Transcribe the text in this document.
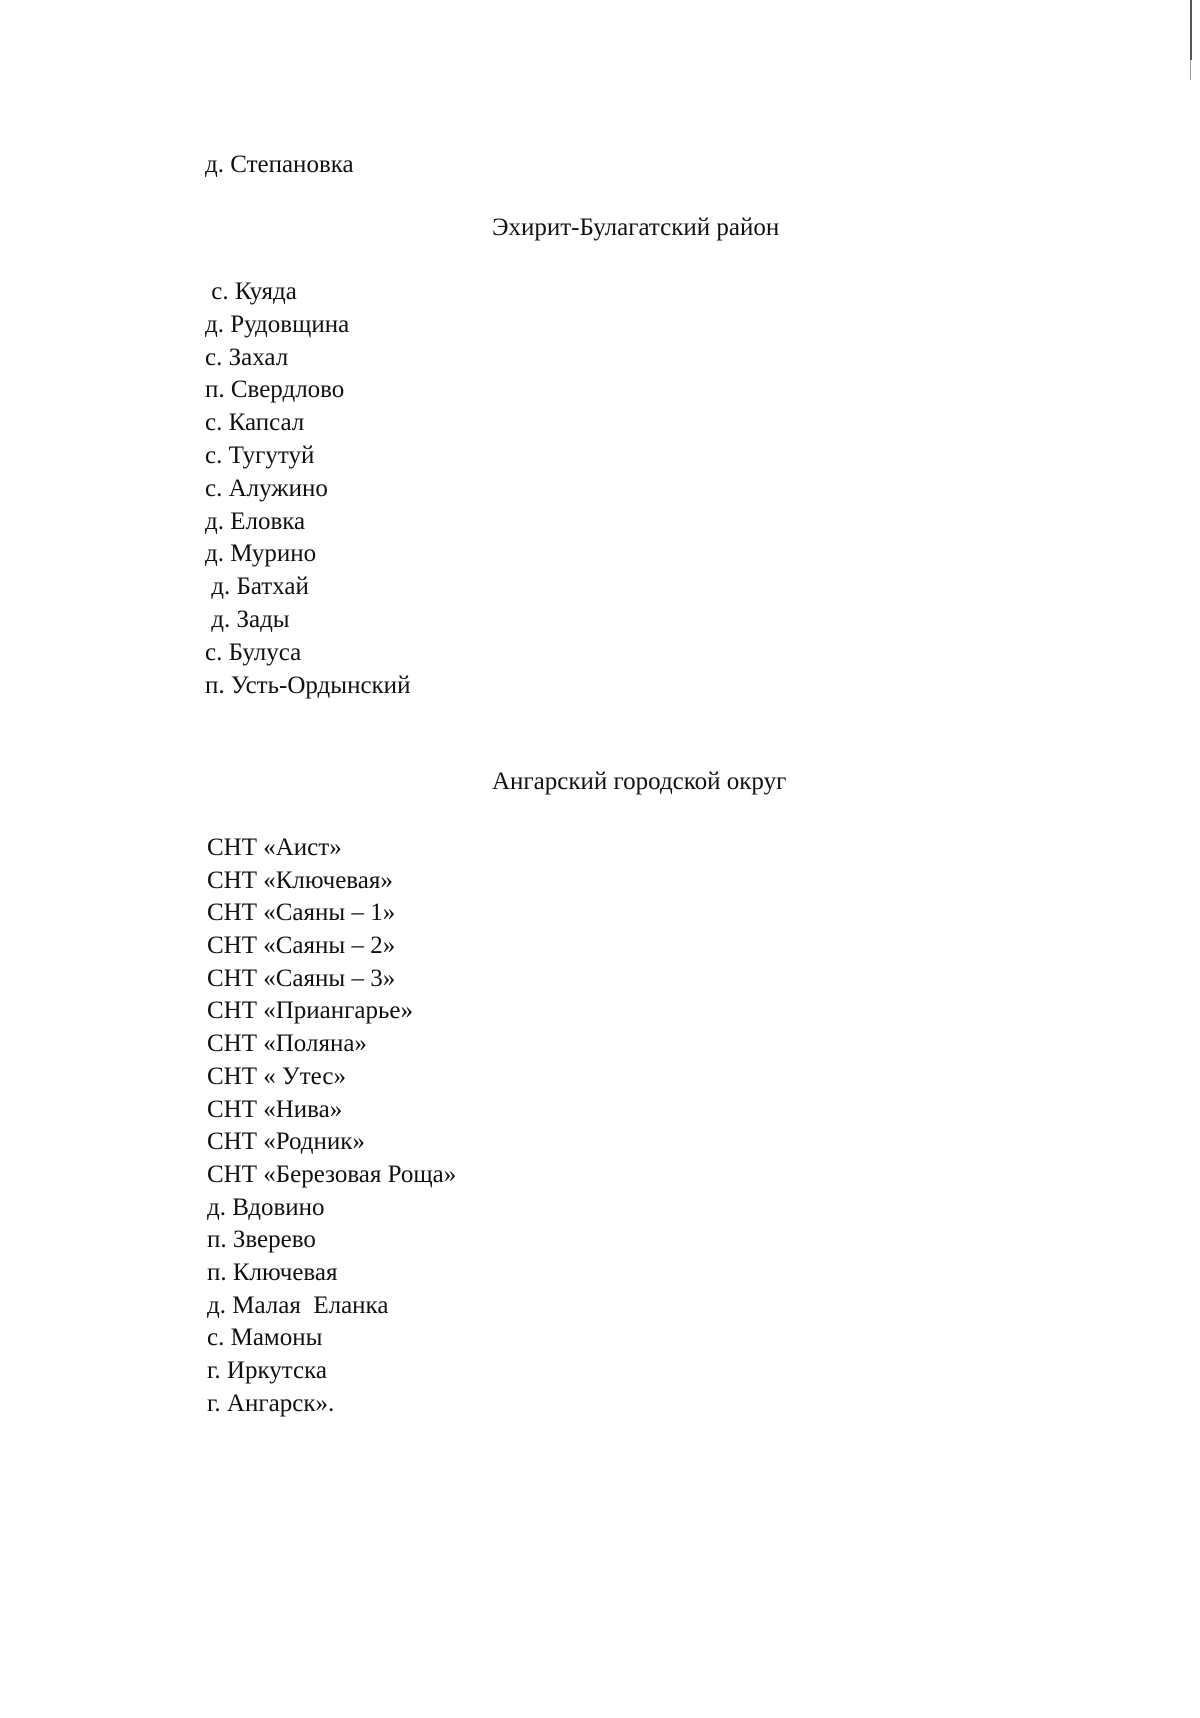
д. Степановка
Эхирит-Булагатский район
с. Куяда
д. Рудовщина
с. Захал
п. Свердлово
с. Капсал
с. Тугутуй
с. Алужино
д. Еловка
д. Мурино
д. Батхай
д. Зады
с. Булуса
п. Усть-Ордынский
Ангарский городской округ
СНТ «Аист»
СНТ «Ключевая»
СНТ «Саяны – 1»
СНТ «Саяны – 2»
СНТ «Саяны – 3»
СНТ «Приангарье»
СНТ «Поляна»
СНТ « Утес»
СНТ «Нива»
СНТ «Родник»
СНТ «Березовая Роща»
д. Вдовино
п. Зверево
п. Ключевая
д. Малая  Еланка
с. Мамоны
г. Иркутска
г. Ангарск».
